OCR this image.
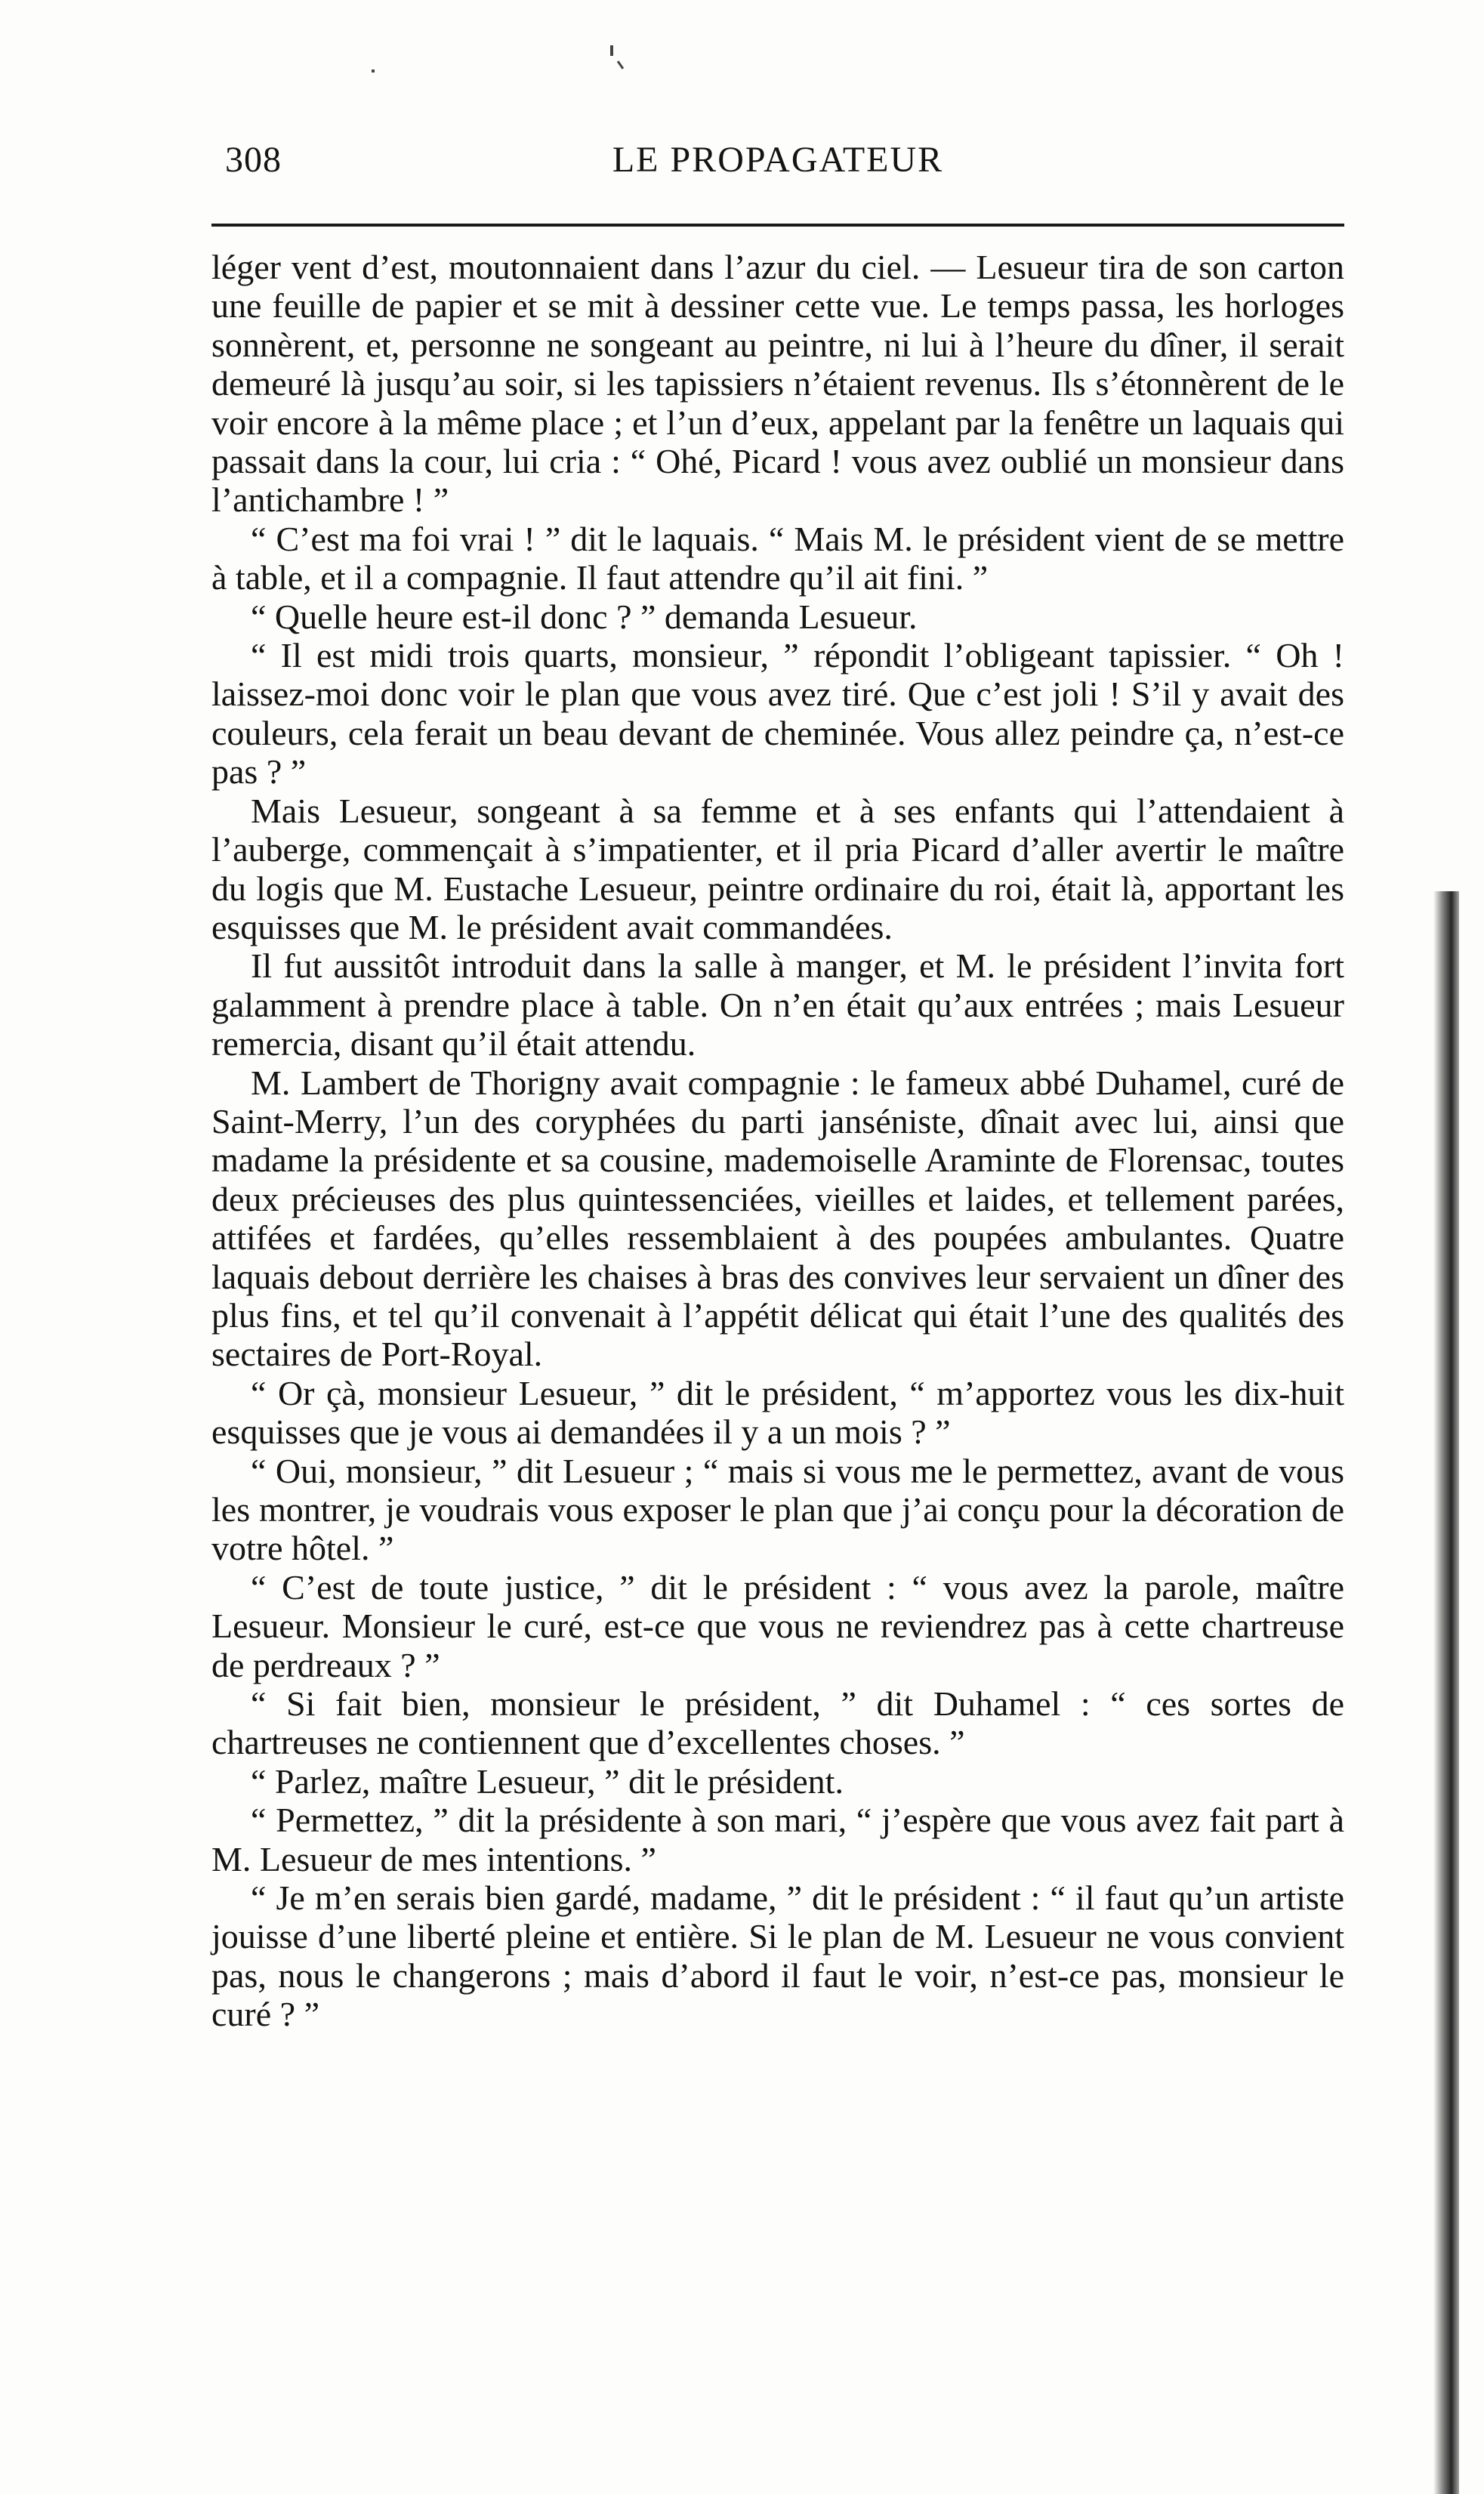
308	LE PROPAGATEUR

léger vent d’est, moutonnaient dans l’azur du ciel. — Lesueur tira de son carton une feuille de papier et se mit à dessiner cette vue. Le temps passa, les horloges sonnèrent, et, personne ne songeant au peintre, ni lui à l’heure du dîner, il serait demeuré là jusqu’au soir, si les tapissiers n’étaient revenus. Ils s’étonnèrent de le voir encore à la même place ; et l’un d’eux, appelant par la fenêtre un laquais qui passait dans la cour, lui cria : “ Ohé, Picard ! vous avez oublié un monsieur dans l’antichambre ! ”

“ C’est ma foi vrai ! ” dit le laquais. “ Mais M. le président vient de se mettre à table, et il a compagnie. Il faut attendre qu’il ait fini. ”

“ Quelle heure est-il donc ? ” demanda Lesueur.

“ Il est midi trois quarts, monsieur, ” répondit l’obligeant tapissier. “ Oh ! laissez-moi donc voir le plan que vous avez tiré. Que c’est joli ! S’il y avait des couleurs, cela ferait un beau devant de cheminée. Vous allez peindre ça, n’est-ce pas ? ”

Mais Lesueur, songeant à sa femme et à ses enfants qui l’attendaient à l’auberge, commençait à s’impatienter, et il pria Picard d’aller avertir le maître du logis que M. Eustache Lesueur, peintre ordinaire du roi, était là, apportant les esquisses que M. le président avait commandées.

Il fut aussitôt introduit dans la salle à manger, et M. le président l’invita fort galamment à prendre place à table. On n’en était qu’aux entrées ; mais Lesueur remercia, disant qu’il était attendu.

M. Lambert de Thorigny avait compagnie : le fameux abbé Duhamel, curé de Saint-Merry, l’un des coryphées du parti janséniste, dînait avec lui, ainsi que madame la présidente et sa cousine, mademoiselle Araminte de Florensac, toutes deux précieuses des plus quintessenciées, vieilles et laides, et tellement parées, attifées et fardées, qu’elles ressemblaient à des poupées ambulantes. Quatre laquais debout derrière les chaises à bras des convives leur servaient un dîner des plus fins, et tel qu’il convenait à l’appétit délicat qui était l’une des qualités des sectaires de Port-Royal.

“ Or çà, monsieur Lesueur, ” dit le président, “ m’apportez vous les dix-huit esquisses que je vous ai demandées il y a un mois ? ”

“ Oui, monsieur, ” dit Lesueur ; “ mais si vous me le permettez, avant de vous les montrer, je voudrais vous exposer le plan que j’ai conçu pour la décoration de votre hôtel. ”

“ C’est de toute justice, ” dit le président : “ vous avez la parole, maître Lesueur. Monsieur le curé, est-ce que vous ne reviendrez pas à cette chartreuse de perdreaux ? ”

“ Si fait bien, monsieur le président, ” dit Duhamel : “ ces sortes de chartreuses ne contiennent que d’excellentes choses. ”

“ Parlez, maître Lesueur, ” dit le président.

“ Permettez, ” dit la présidente à son mari, “ j’espère que vous avez fait part à M. Lesueur de mes intentions. ”

“ Je m’en serais bien gardé, madame, ” dit le président : “ il faut qu’un artiste jouisse d’une liberté pleine et entière. Si le plan de M. Lesueur ne vous convient pas, nous le changerons ; mais d’abord il faut le voir, n’est-ce pas, monsieur le curé ? ”
